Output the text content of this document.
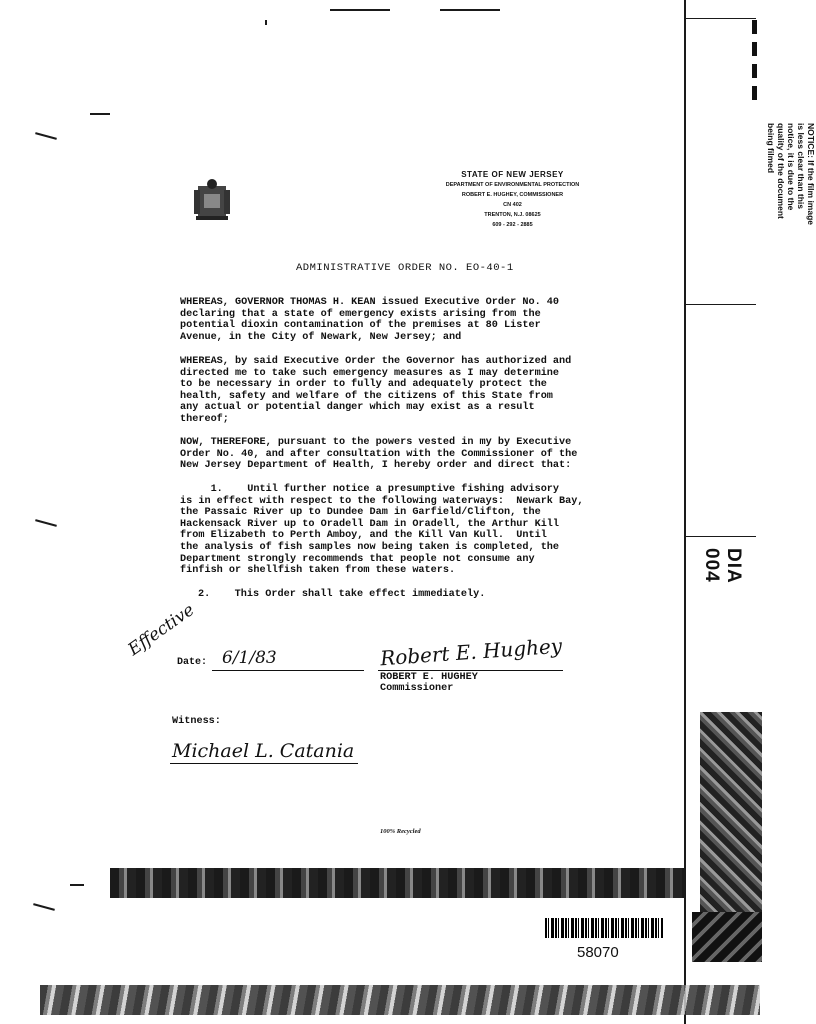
STATE OF NEW JERSEY
DEPARTMENT OF ENVIRONMENTAL PROTECTION
ROBERT E. HUGHEY, COMMISSIONER
CN 402
TRENTON, N.J. 08625
609 - 292 - 2885
ADMINISTRATIVE ORDER NO. EO-40-1
WHEREAS, GOVERNOR THOMAS H. KEAN issued Executive Order No. 40
declaring that a state of emergency exists arising from the
potential dioxin contamination of the premises at 80 Lister
Avenue, in the City of Newark, New Jersey; and
WHEREAS, by said Executive Order the Governor has authorized and
directed me to take such emergency measures as I may determine
to be necessary in order to fully and adequately protect the
health, safety and welfare of the citizens of this State from
any actual or potential danger which may exist as a result
thereof;
NOW, THEREFORE, pursuant to the powers vested in my by Executive
Order No. 40, and after consultation with the Commissioner of the
New Jersey Department of Health, I hereby order and direct that:
1.    Until further notice a presumptive fishing advisory
is in effect with respect to the following waterways:  Newark Bay,
the Passaic River up to Dundee Dam in Garfield/Clifton, the
Hackensack River up to Oradell Dam in Oradell, the Arthur Kill
from Elizabeth to Perth Amboy, and the Kill Van Kull.  Until
the analysis of fish samples now being taken is completed, the
Department strongly recommends that people not consume any
finfish or shellfish taken from these waters.
2.    This Order shall take effect immediately.
Effective
Date: 6/1/83	Robert E. Hughey
ROBERT E. HUGHEY
Commissioner
Witness:
Michael L. Catania
NOTICE: If the film image
is less clear than this
notice, it is due to the
quality of the document
being filmed
DIA 004
100% Recycled
58070
